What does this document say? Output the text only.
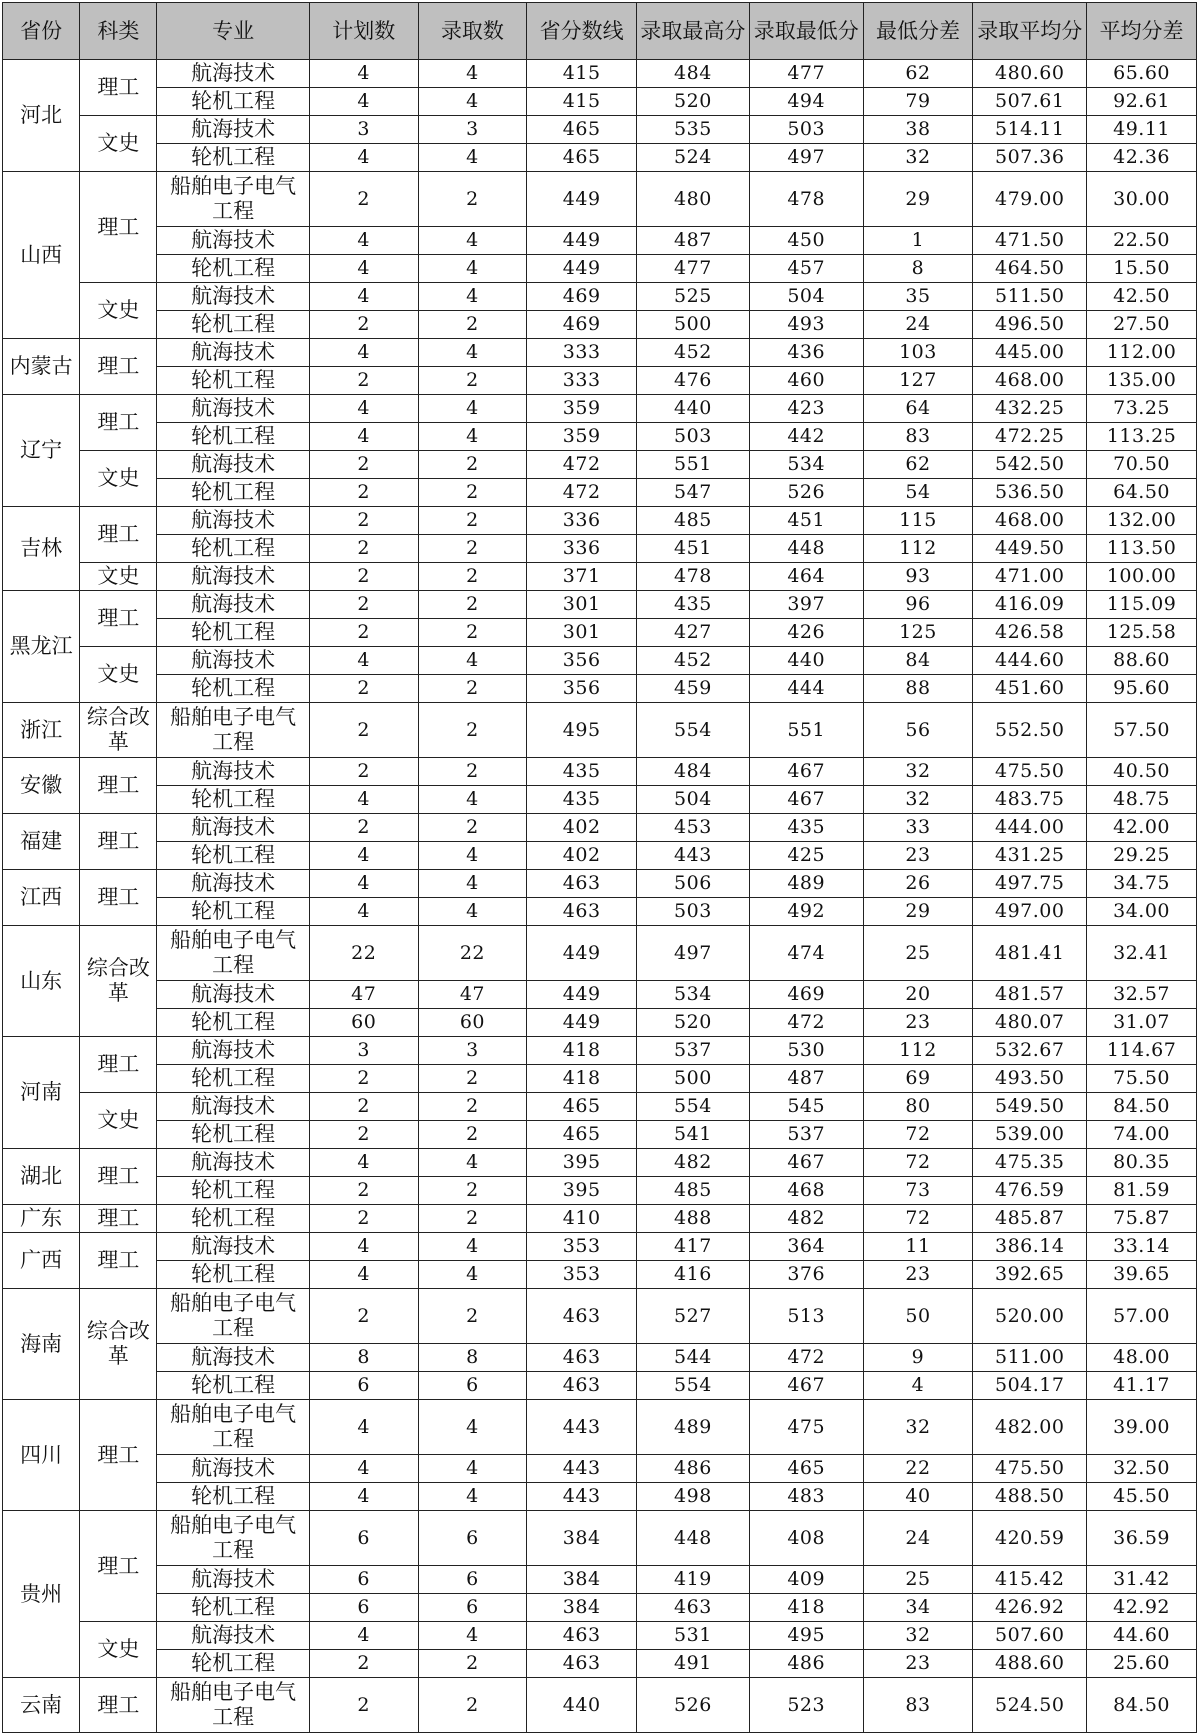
省份	科类	专业	计划数	录取数	省分数线	录取最高分	录取最低分	最低分差	录取平均分	平均分差
河北	理工	航海技术	4	4	415	484	477	62	480.60	65.60
		轮机工程	4	4	415	520	494	79	507.61	92.61
	文史	航海技术	3	3	465	535	503	38	514.11	49.11
		轮机工程	4	4	465	524	497	32	507.36	42.36
山西	理工	船舶电子电气工程	2	2	449	480	478	29	479.00	30.00
		航海技术	4	4	449	487	450	1	471.50	22.50
		轮机工程	4	4	449	477	457	8	464.50	15.50
	文史	航海技术	4	4	469	525	504	35	511.50	42.50
		轮机工程	2	2	469	500	493	24	496.50	27.50
内蒙古	理工	航海技术	4	4	333	452	436	103	445.00	112.00
		轮机工程	2	2	333	476	460	127	468.00	135.00
辽宁	理工	航海技术	4	4	359	440	423	64	432.25	73.25
		轮机工程	4	4	359	503	442	83	472.25	113.25
	文史	航海技术	2	2	472	551	534	62	542.50	70.50
		轮机工程	2	2	472	547	526	54	536.50	64.50
吉林	理工	航海技术	2	2	336	485	451	115	468.00	132.00
		轮机工程	2	2	336	451	448	112	449.50	113.50
	文史	航海技术	2	2	371	478	464	93	471.00	100.00
黑龙江	理工	航海技术	2	2	301	435	397	96	416.09	115.09
		轮机工程	2	2	301	427	426	125	426.58	125.58
	文史	航海技术	4	4	356	452	440	84	444.60	88.60
		轮机工程	2	2	356	459	444	88	451.60	95.60
浙江	综合改革	船舶电子电气工程	2	2	495	554	551	56	552.50	57.50
安徽	理工	航海技术	2	2	435	484	467	32	475.50	40.50
		轮机工程	4	4	435	504	467	32	483.75	48.75
福建	理工	航海技术	2	2	402	453	435	33	444.00	42.00
		轮机工程	4	4	402	443	425	23	431.25	29.25
江西	理工	航海技术	4	4	463	506	489	26	497.75	34.75
		轮机工程	4	4	463	503	492	29	497.00	34.00
山东	综合改革	船舶电子电气工程	22	22	449	497	474	25	481.41	32.41
		航海技术	47	47	449	534	469	20	481.57	32.57
		轮机工程	60	60	449	520	472	23	480.07	31.07
河南	理工	航海技术	3	3	418	537	530	112	532.67	114.67
		轮机工程	2	2	418	500	487	69	493.50	75.50
	文史	航海技术	2	2	465	554	545	80	549.50	84.50
		轮机工程	2	2	465	541	537	72	539.00	74.00
湖北	理工	航海技术	4	4	395	482	467	72	475.35	80.35
		轮机工程	2	2	395	485	468	73	476.59	81.59
广东	理工	轮机工程	2	2	410	488	482	72	485.87	75.87
广西	理工	航海技术	4	4	353	417	364	11	386.14	33.14
		轮机工程	4	4	353	416	376	23	392.65	39.65
海南	综合改革	船舶电子电气工程	2	2	463	527	513	50	520.00	57.00
		航海技术	8	8	463	544	472	9	511.00	48.00
		轮机工程	6	6	463	554	467	4	504.17	41.17
四川	理工	船舶电子电气工程	4	4	443	489	475	32	482.00	39.00
		航海技术	4	4	443	486	465	22	475.50	32.50
		轮机工程	4	4	443	498	483	40	488.50	45.50
贵州	理工	船舶电子电气工程	6	6	384	448	408	24	420.59	36.59
		航海技术	6	6	384	419	409	25	415.42	31.42
		轮机工程	6	6	384	463	418	34	426.92	42.92
	文史	航海技术	4	4	463	531	495	32	507.60	44.60
		轮机工程	2	2	463	491	486	23	488.60	25.60
云南	理工	船舶电子电气工程	2	2	440	526	523	83	524.50	84.50
